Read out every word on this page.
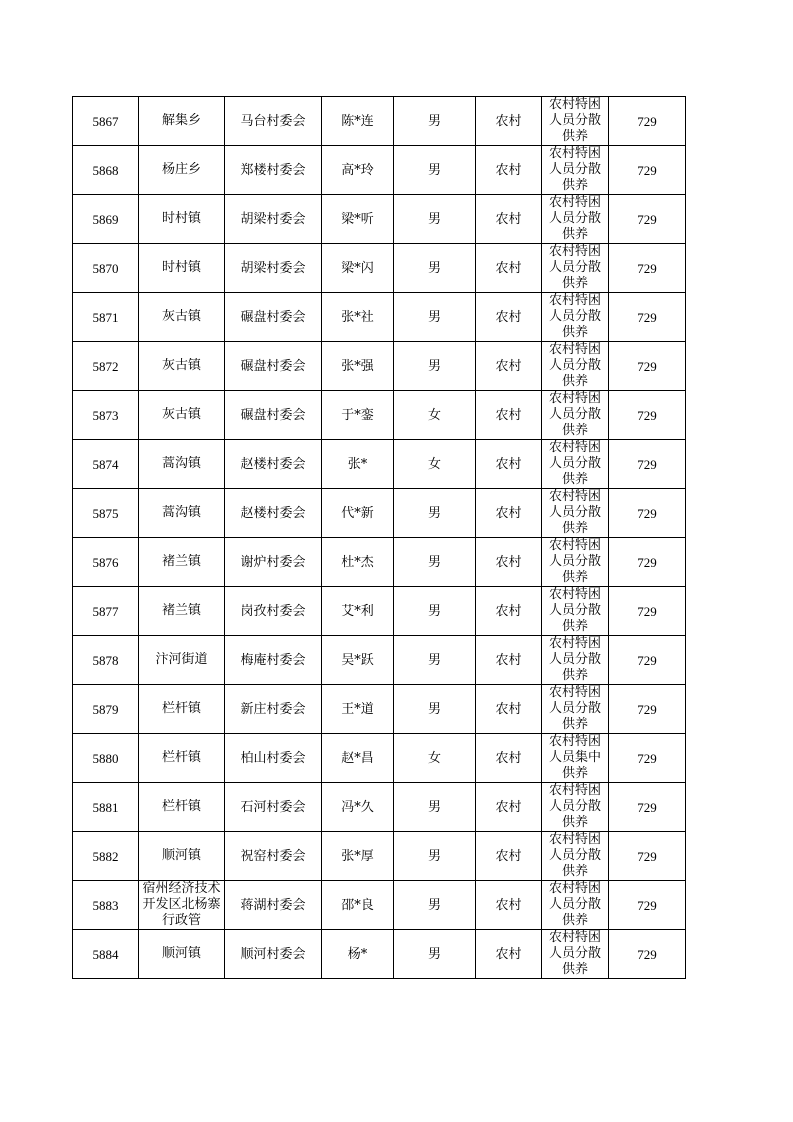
5867	解集乡	马台村委会	陈*连	男	农村	农村特困人员分散供养	729
5868	杨庄乡	郑楼村委会	高*玲	男	农村	农村特困人员分散供养	729
5869	时村镇	胡梁村委会	梁*听	男	农村	农村特困人员分散供养	729
5870	时村镇	胡梁村委会	梁*闪	男	农村	农村特困人员分散供养	729
5871	灰古镇	碾盘村委会	张*社	男	农村	农村特困人员分散供养	729
5872	灰古镇	碾盘村委会	张*强	男	农村	农村特困人员分散供养	729
5873	灰古镇	碾盘村委会	于*銮	女	农村	农村特困人员分散供养	729
5874	蒿沟镇	赵楼村委会	张*	女	农村	农村特困人员分散供养	729
5875	蒿沟镇	赵楼村委会	代*新	男	农村	农村特困人员分散供养	729
5876	褚兰镇	谢炉村委会	杜*杰	男	农村	农村特困人员分散供养	729
5877	褚兰镇	岗孜村委会	艾*利	男	农村	农村特困人员分散供养	729
5878	汴河街道	梅庵村委会	吴*跃	男	农村	农村特困人员分散供养	729
5879	栏杆镇	新庄村委会	王*道	男	农村	农村特困人员分散供养	729
5880	栏杆镇	柏山村委会	赵*昌	女	农村	农村特困人员集中供养	729
5881	栏杆镇	石河村委会	冯*久	男	农村	农村特困人员分散供养	729
5882	顺河镇	祝窑村委会	张*厚	男	农村	农村特困人员分散供养	729
5883	宿州经济技术开发区北杨寨行政管	蒋湖村委会	邵*良	男	农村	农村特困人员分散供养	729
5884	顺河镇	顺河村委会	杨*	男	农村	农村特困人员分散供养	729
